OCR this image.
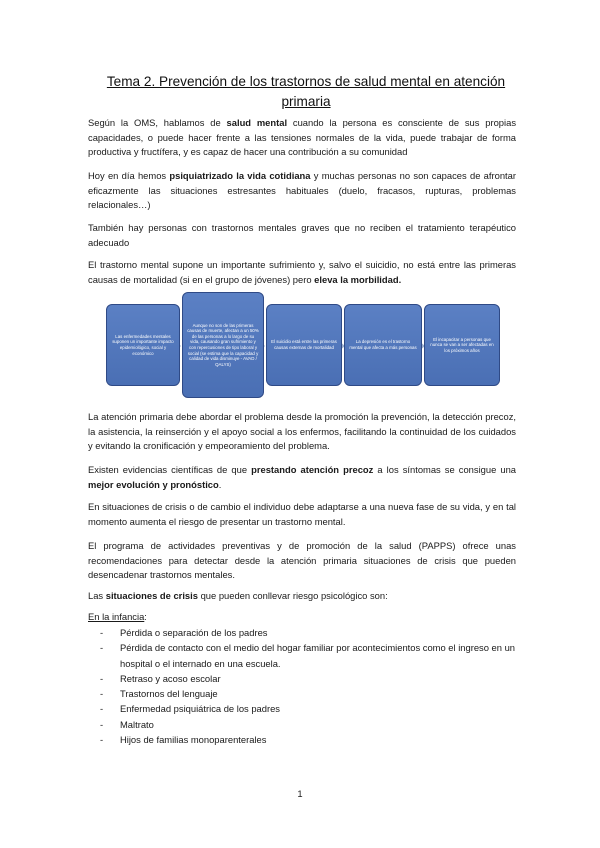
Tema 2. Prevención de los trastornos de salud mental en atención primaria
Según la OMS, hablamos de salud mental cuando la persona es consciente de sus propias capacidades, o puede hacer frente a las tensiones normales de la vida, puede trabajar de forma productiva y fructífera, y es capaz de hacer una contribución a su comunidad
Hoy en día hemos psiquiatrizado la vida cotidiana y muchas personas no son capaces de afrontar eficazmente las situaciones estresantes habituales (duelo, fracasos, rupturas, problemas relacionales…)
También hay personas con trastornos mentales graves que no reciben el tratamiento terapéutico adecuado
El trastorno mental supone un importante sufrimiento y, salvo el suicidio, no está entre las primeras causas de mortalidad (si en el grupo de jóvenes) pero eleva la morbilidad.
Las enfermedades mentales suponen un importante impacto epidemiológico, social y económico
Aunque no son de las primeras causas de muerte, afectan a un 50% de las personas a lo largo de su vida, causando gran sufrimiento y con repercusiones de tipo laboral y social (se estima que la capacidad y calidad de vida disminuye - AVAD / QALYS)
El suicidio está entre las primeras causas externas de mortalidad
La depresión es el trastorno mental que afecta a más personas
El incapacitar a personas que nunca se van a ser afectadas en los próximos años
La atención primaria debe abordar el problema desde la promoción la prevención, la detección precoz, la asistencia, la reinserción y el apoyo social a los enfermos, facilitando la continuidad de los cuidados y evitando la cronificación y empeoramiento del problema.
Existen evidencias científicas de que prestando atención precoz a los síntomas se consigue una mejor evolución y pronóstico.
En situaciones de crisis o de cambio el individuo debe adaptarse a una nueva fase de su vida, y en tal momento aumenta el riesgo de presentar un trastorno mental.
El programa de actividades preventivas y de promoción de la salud (PAPPS) ofrece unas recomendaciones para detectar desde la atención primaria situaciones de crisis que pueden desencadenar trastornos mentales.
Las situaciones de crisis que pueden conllevar riesgo psicológico son:
En la infancia:
- Pérdida o separación de los padres
- Pérdida de contacto con el medio del hogar familiar por acontecimientos como el ingreso en un hospital o el internado en una escuela.
- Retraso y acoso escolar
- Trastornos del lenguaje
- Enfermedad psiquiátrica de los padres
- Maltrato
- Hijos de familias monoparenterales
1
